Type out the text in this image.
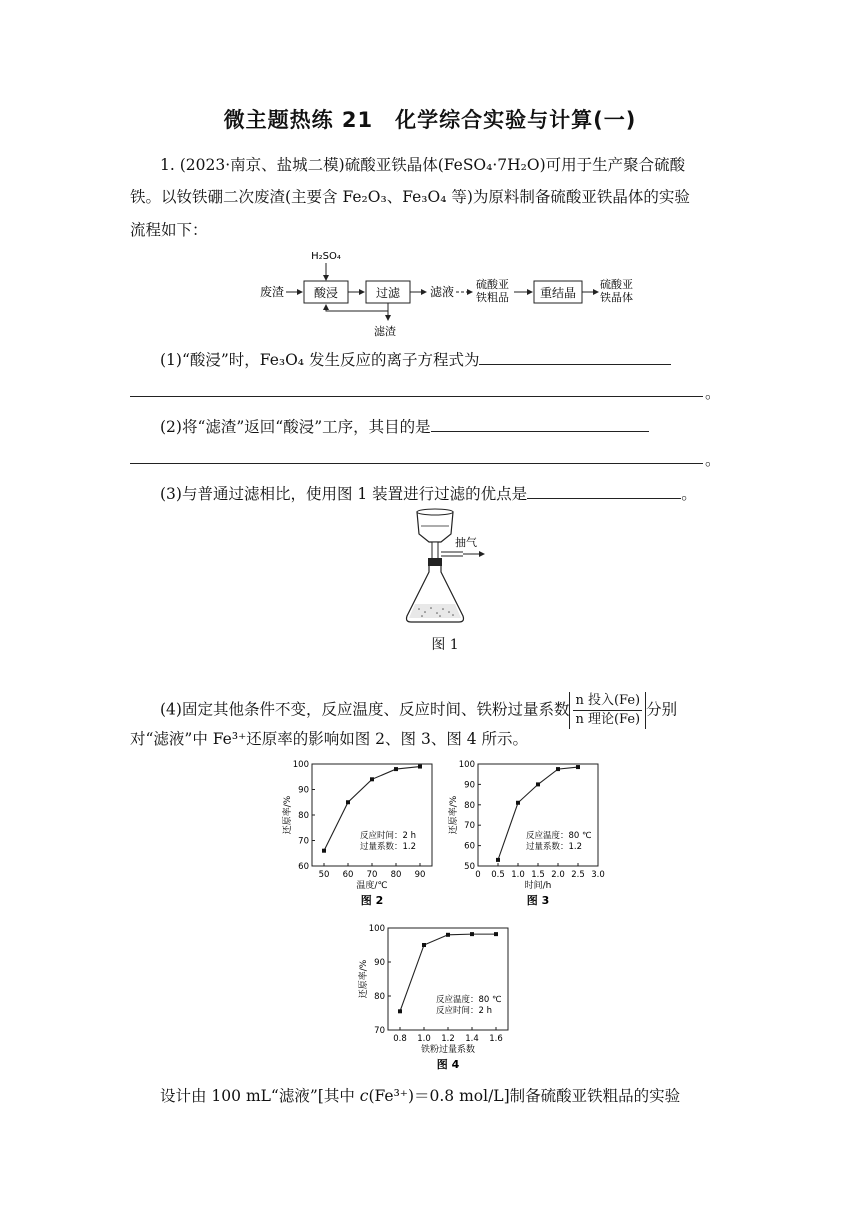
微主题热练 21　化学综合实验与计算(一)
1. (2023·南京、盐城二模)硫酸亚铁晶体(FeSO₄·7H₂O)可用于生产聚合硫酸
铁。以钕铁硼二次废渣(主要含 Fe₂O₃、Fe₃O₄ 等)为原料制备硫酸亚铁晶体的实验
流程如下：
H₂SO₄
废渣 酸浸	过滤 滤液
硫酸亚
铁粗品	重结晶
硫酸亚
铁晶体
滤渣
(1)“酸浸”时，Fe₃O₄ 发生反应的离子方程式为
。
(2)将“滤渣”返回“酸浸”工序，其目的是
。
(3)与普通过滤相比，使用图 1 装置进行过滤的优点是	。
抽气
图 1
(4)固定其他条件不变，反应温度、反应时间、铁粉过量系数 $\frac{\text{n 投入(Fe)}}{\text{n 理论(Fe)}}$分别
对“滤液”中 Fe³⁺还原率的影响如图 2、图 3、图 4 所示。
60
70
80
90
100
50 60 70 80 90
温度/℃
还原率/%
反应时间：2 h
过量系数：1.2
图 2
50
60
70
80
90
100
0 0.5 1.0 1.5 2.0 2.5 3.0
时间/h
还原率/%
反应温度：80 ℃
过量系数：1.2
图 3
70
80
90
100
0.8 1.0 1.2 1.4 1.6
铁粉过量系数
还原率/%
反应温度：80 ℃
反应时间：2 h
图 4
设计由 100 mL“滤液”[其中 c(Fe³⁺)＝0.8 mol/L]制备硫酸亚铁粗品的实验
